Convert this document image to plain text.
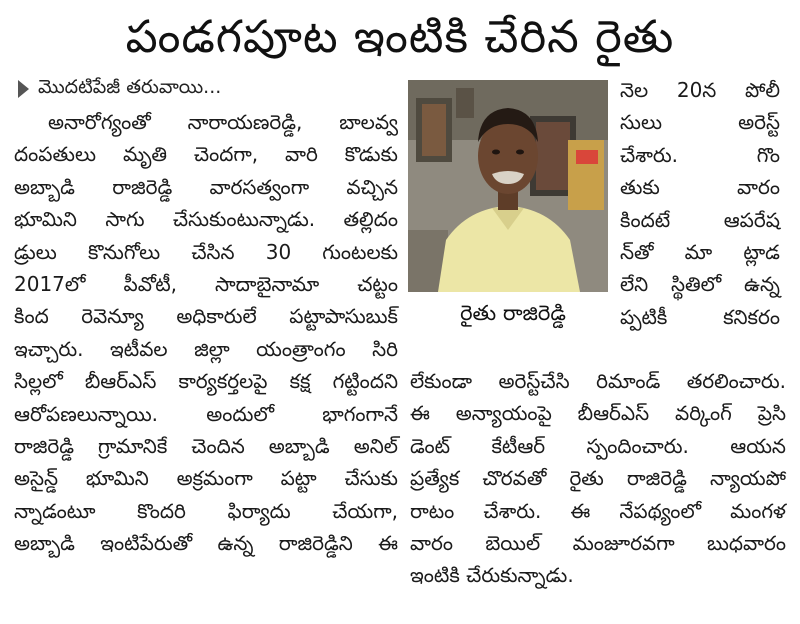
పండగపూట ఇంటికి చేరిన రైతు
మొదటిపేజీ తరువాయి...
అనారోగ్యంతో నారాయణరెడ్డి, బాలవ్వ
దంపతులు మృతి చెందగా, వారి కొడుకు
అబ్బాడి రాజిరెడ్డి వారసత్వంగా వచ్చిన
భూమిని సాగు చేసుకుంటున్నాడు. తల్లిదం
డ్రులు కొనుగోలు చేసిన 30 గుంటలకు
2017లో పీవోటీ, సాదాబైనామా చట్టం
కింద రెవెన్యూ అధికారులే పట్టాపాసుబుక్
ఇచ్చారు. ఇటీవల జిల్లా యంత్రాంగం సిరి
సిల్లలో బీఆర్ఎస్ కార్యకర్తలపై కక్ష గట్టిందని
ఆరోపణలున్నాయి. అందులో భాగంగానే
రాజిరెడ్డి గ్రామానికే చెందిన అబ్బాడి అనిల్
అసైన్డ్ భూమిని అక్రమంగా పట్టా చేసుకు
న్నాడంటూ కొందరి ఫిర్యాదు చేయగా,
అబ్బాడి ఇంటిపేరుతో ఉన్న రాజిరెడ్డిని ఈ
రైతు రాజిరెడ్డి
నెల 20న పోలీ
సులు	అరెస్ట్
చేశారు.	గొం
తుకు	వారం
కిందటే	ఆపరేష
న్‌తో మా ట్లాడ
లేని స్థితిలో ఉన్న
ప్పటికీ	కనికరం
లేకుండా అరెస్ట్‌చేసి రిమాండ్ తరలించారు.
ఈ అన్యాయంపై బీఆర్ఎస్ వర్కింగ్ ప్రెసి
డెంట్ కేటీఆర్ స్పందించారు. ఆయన
ప్రత్యేక చొరవతో రైతు రాజిరెడ్డి న్యాయపో
రాటం చేశారు. ఈ నేపథ్యంలో మంగళ
వారం బెయిల్ మంజూరవగా బుధవారం
ఇంటికి చేరుకున్నాడు.
